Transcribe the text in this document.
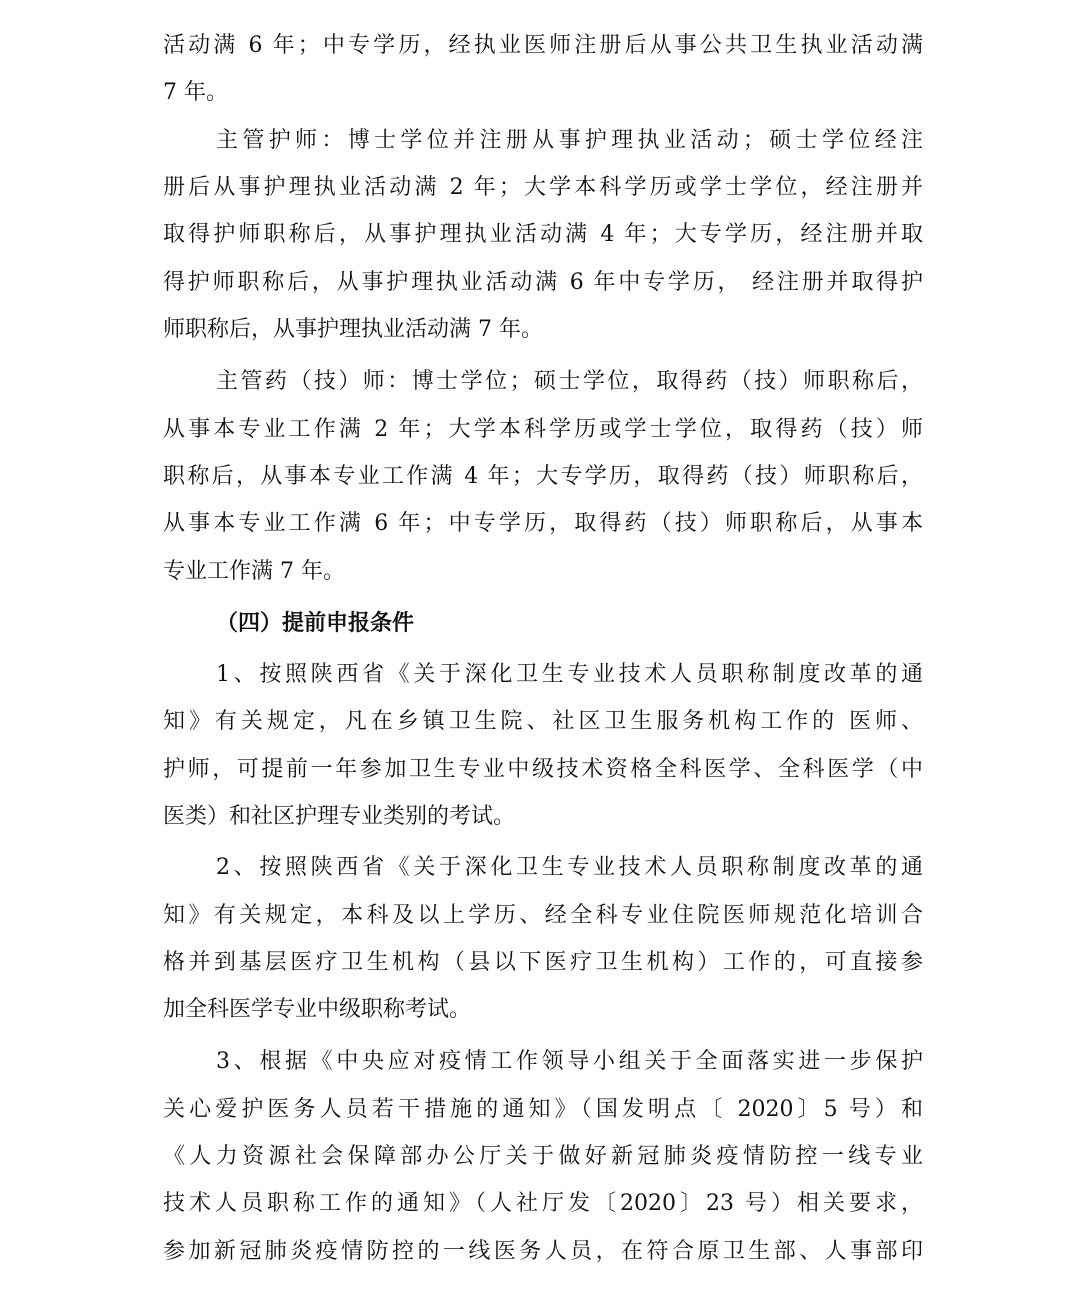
活动满 6 年；中专学历，经执业医师注册后从事公共卫生执业活动满

7 年。

主管护师：博士学位并注册从事护理执业活动；硕士学位经注

册后从事护理执业活动满 2 年；大学本科学历或学士学位，经注册并

取得护师职称后，从事护理执业活动满 4 年；大专学历，经注册并取

得护师职称后，从事护理执业活动满 6 年中专学历， 经注册并取得护

师职称后，从事护理执业活动满 7 年。

主管药（技）师：博士学位；硕士学位，取得药（技）师职称后，

从事本专业工作满 2 年；大学本科学历或学士学位，取得药（技）师

职称后，从事本专业工作满 4 年；大专学历，取得药（技）师职称后，

从事本专业工作满 6 年；中专学历，取得药（技）师职称后，从事本

专业工作满 7 年。

（四）提前申报条件

1、按照陕西省《关于深化卫生专业技术人员职称制度改革的通

知》有关规定，凡在乡镇卫生院、社区卫生服务机构工作的 医师、

护师，可提前一年参加卫生专业中级技术资格全科医学、全科医学（中

医类）和社区护理专业类别的考试。

2、按照陕西省《关于深化卫生专业技术人员职称制度改革的通

知》有关规定，本科及以上学历、经全科专业住院医师规范化培训合

格并到基层医疗卫生机构（县以下医疗卫生机构）工作的，可直接参

加全科医学专业中级职称考试。

3、根据《中央应对疫情工作领导小组关于全面落实进一步保护

关心爱护医务人员若干措施的通知》（国发明点〔 2020〕5 号）和

《人力资源社会保障部办公厅关于做好新冠肺炎疫情防控一线专业

技术人员职称工作的通知》（人社厅发〔2020〕23 号）相关要求，

参加新冠肺炎疫情防控的一线医务人员，在符合原卫生部、人事部印
